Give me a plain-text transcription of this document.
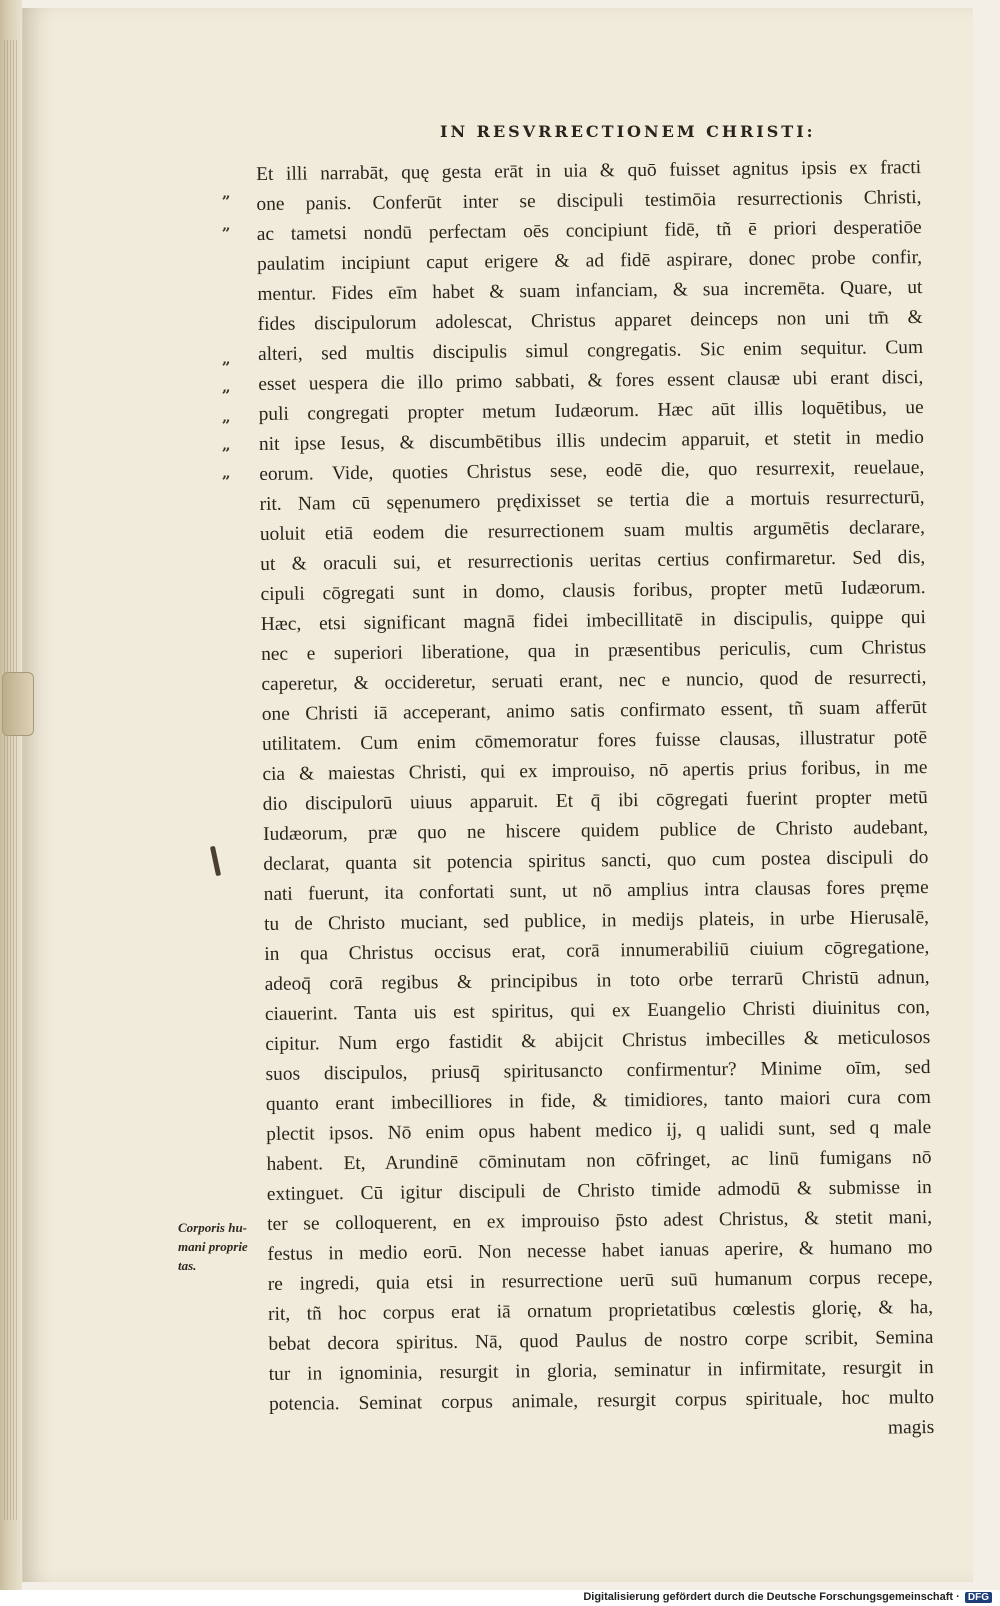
IN RESVRRECTIONEM CHRISTI:
„
„
„
„
„
„
„
Et illi narrabāt, quę gesta erāt in uia & quō fuisset agnitus ipsis ex fracti
one panis. Conferūt inter se discipuli testimōia resurrectionis Christi,
ac tametsi nondū perfectam oēs concipiunt fidē, tñ ē priori desperatiōe
paulatim incipiunt caput erigere & ad fidē aspirare, donec probe confir,
mentur. Fides eīm habet & suam infanciam, & sua incremēta. Quare, ut
fides discipulorum adolescat, Christus apparet deinceps non uni tm̄ &
alteri, sed multis discipulis simul congregatis. Sic enim sequitur. Cum
esset uespera die illo primo sabbati, & fores essent clausæ ubi erant disci,
puli congregati propter metum Iudæorum. Hæc aūt illis loquētibus, ue
nit ipse Iesus, & discumbētibus illis undecim apparuit, et stetit in medio
eorum. Vide, quoties Christus sese, eodē die, quo resurrexit, reuelaue,
rit. Nam cū sępenumero prędixisset se tertia die a mortuis resurrecturū,
uoluit etiā eodem die resurrectionem suam multis argumētis declarare,
ut & oraculi sui, et resurrectionis ueritas certius confirmaretur. Sed dis,
cipuli cōgregati sunt in domo, clausis foribus, propter metū Iudæorum.
Hæc, etsi significant magnā fidei imbecillitatē in discipulis, quippe qui
nec e superiori liberatione, qua in præsentibus periculis, cum Christus
caperetur, & occideretur, seruati erant, nec e nuncio, quod de resurrecti,
one Christi iā acceperant, animo satis confirmato essent, tñ suam afferūt
utilitatem. Cum enim cōmemoratur fores fuisse clausas, illustratur potē
cia & maiestas Christi, qui ex improuiso, nō apertis prius foribus, in me
dio discipulorū uiuus apparuit. Et q̄ ibi cōgregati fuerint propter metū
Iudæorum, præ quo ne hiscere quidem publice de Christo audebant,
declarat, quanta sit potencia spiritus sancti, quo cum postea discipuli do
nati fuerunt, ita confortati sunt, ut nō amplius intra clausas fores pręme
tu de Christo muciant, sed publice, in medijs plateis, in urbe Hierusalē,
in qua Christus occisus erat, corā innumerabiliū ciuium cōgregatione,
adeoq̄ corā regibus & principibus in toto orbe terrarū Christū adnun,
ciauerint. Tanta uis est spiritus, qui ex Euangelio Christi diuinitus con,
cipitur. Num ergo fastidit & abijcit Christus imbecilles & meticulosos
suos discipulos, priusq̄ spiritusancto confirmentur? Minime oīm, sed
quanto erant imbecilliores in fide, & timidiores, tanto maiori cura com
plectit ipsos. Nō enim opus habent medico ij, q ualidi sunt, sed q male
habent. Et, Arundinē cōminutam non cōfringet, ac linū fumigans nō
extinguet. Cū igitur discipuli de Christo timide admodū & submisse in
ter se colloquerent, en ex improuiso p̄sto adest Christus, & stetit mani,
festus in medio eorū. Non necesse habet ianuas aperire, & humano mo
re ingredi, quia etsi in resurrectione uerū suū humanum corpus recepe,
rit, tñ hoc corpus erat iā ornatum proprietatibus cœlestis glorię, & ha,
bebat decora spiritus. Nā, quod Paulus de nostro corpe scribit, Semina
tur in ignominia, resurgit in gloria, seminatur in infirmitate, resurgit in
potencia. Seminat corpus animale, resurgit corpus spirituale, hoc multo
magis
Corporis hu- mani proprie tas.
Digitalisierung gefördert durch die Deutsche Forschungsgemeinschaft · DFG
